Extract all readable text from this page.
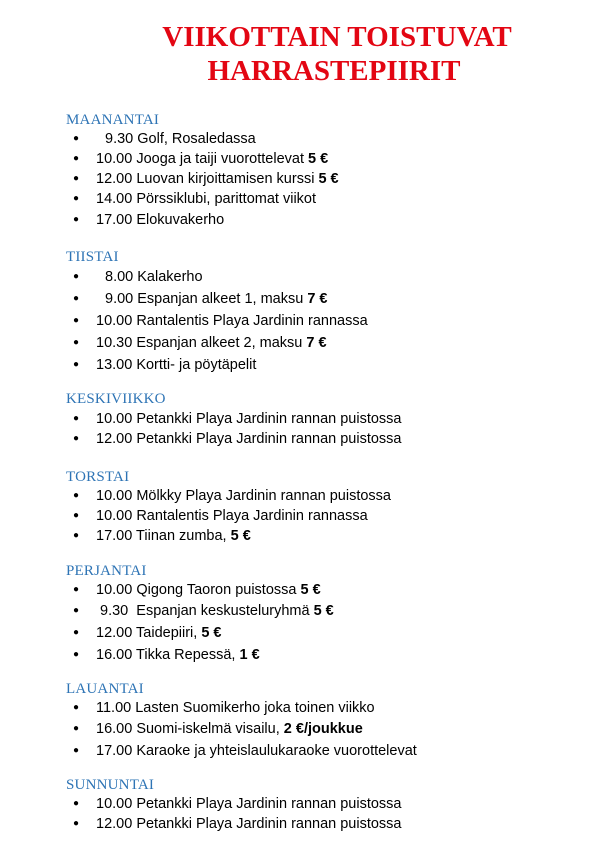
VIIKOTTAIN TOISTUVAT
HARRASTEPIIRIT
MAANANTAI
● 9.30 Golf, Rosaledassa
● 10.00 Jooga ja taiji vuorottelevat 5 €
● 12.00 Luovan kirjoittamisen kurssi 5 €
● 14.00 Pörssiklubi, parittomat viikot
● 17.00 Elokuvakerho
TIISTAI
● 8.00 Kalakerho
● 9.00 Espanjan alkeet 1, maksu 7 €
● 10.00 Rantalentis Playa Jardinin rannassa
● 10.30 Espanjan alkeet 2, maksu 7 €
● 13.00 Kortti- ja pöytäpelit
KESKIVIIKKO
● 10.00 Petankki Playa Jardinin rannan puistossa
● 12.00 Petankki Playa Jardinin rannan puistossa
TORSTAI
● 10.00 Mölkky Playa Jardinin rannan puistossa
● 10.00 Rantalentis Playa Jardinin rannassa
● 17.00 Tiinan zumba, 5 €
PERJANTAI
● 10.00 Qigong Taoron puistossa 5 €
● 9.30  Espanjan keskusteluryhmä 5 €
● 12.00 Taidepiiri, 5 €
● 16.00 Tikka Repessä, 1 €
LAUANTAI
● 11.00 Lasten Suomikerho joka toinen viikko
● 16.00 Suomi-iskelmä visailu, 2 €/joukkue
● 17.00 Karaoke ja yhteislaulukaraoke vuorottelevat
SUNNUNTAI
● 10.00 Petankki Playa Jardinin rannan puistossa
● 12.00 Petankki Playa Jardinin rannan puistossa
